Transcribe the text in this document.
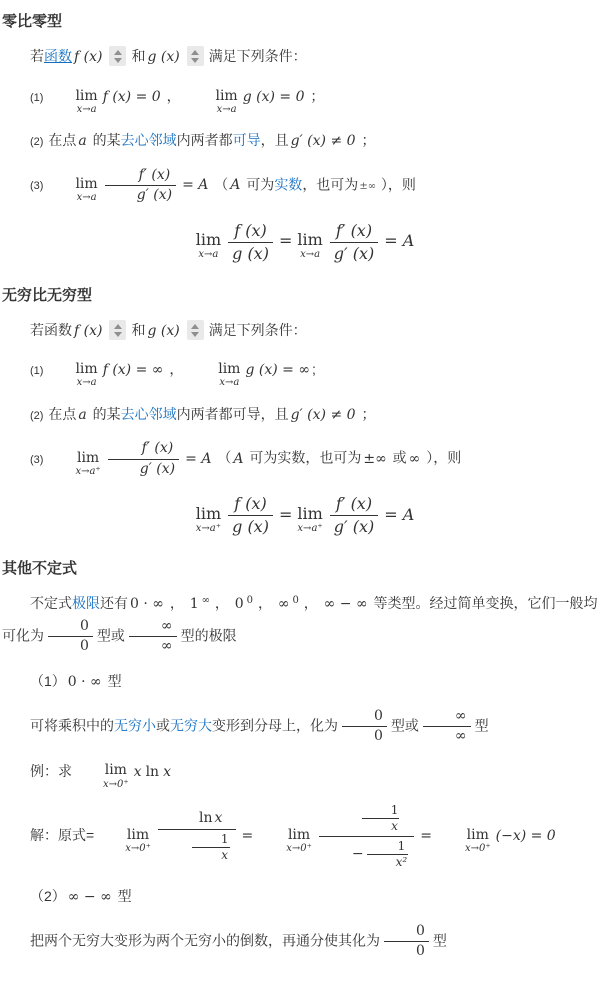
零比零型

若函数 f (x) 和 g (x) 满足下列条件：

(1)	lim
x→a
f (x) = 0 ，	lim
x→a
g (x) = 0 ；

(2) 在点 a 的某去心邻域内两者都可导，且 g′ (x) ≠ 0 ；

(3)	lim
$x\to a \frac{f' (x)}{g' (x)} = A$ （ A 可为实数，也可为±∞ ），则

lim
$x\to a \frac{f (x)}{g (x)} = \lim$
$x\to a \frac{f' (x)}{g' (x)} = A$
无穷比无穷型

若函数 f (x) 和 g (x) 满足下列条件：

(1)	lim
x→a
f (x) = ∞ ，	lim
x→a
g (x) = ∞ ;

(2) 在点 a 的某去心邻域内两者都可导，且 g′ (x) ≠ 0 ；

(3)	lim
$x\to a^+ \frac{f' (x)}{g' (x)} = A$ （ A 可为实数，也可为 ±∞ 或 ∞ ），则

lim
$x\to a^+ \frac{f (x)}{g (x)} = \lim$
$x\to a^+ \frac{f' (x)}{g' (x)} = A$
其他不定式

不定式极限还有 0 · ∞ ， 1 ∞ ， 0 $^0$ ， ∞ $^0$ ， ∞ − ∞ 等类型。经过简单变换，它们一般均可化为 $\frac{0}{0}$ 型或 $\frac{\infty}{\infty}$ 型的极限

（1） 0 · ∞ 型

可将乘积中的无穷小或无穷大变形到分母上，化为 $\frac{0}{0}$ 型或 $\frac{\infty}{\infty}$ 型

例：求	lim
x→0⁺
x ln x

解：原式=	lim
$x\to 0^+ \frac{\text{ln x}}{\frac{1}{x}}$ =	lim
$x\to 0^+ \frac{\frac{1}{x}}{- \frac{1}{\text{x²}}}$ =	lim
x→0⁺
(−x) = 0

（2） ∞ − ∞ 型

把两个无穷大变形为两个无穷小的倒数，再通分使其化为 $\frac{0}{0}$ 型
